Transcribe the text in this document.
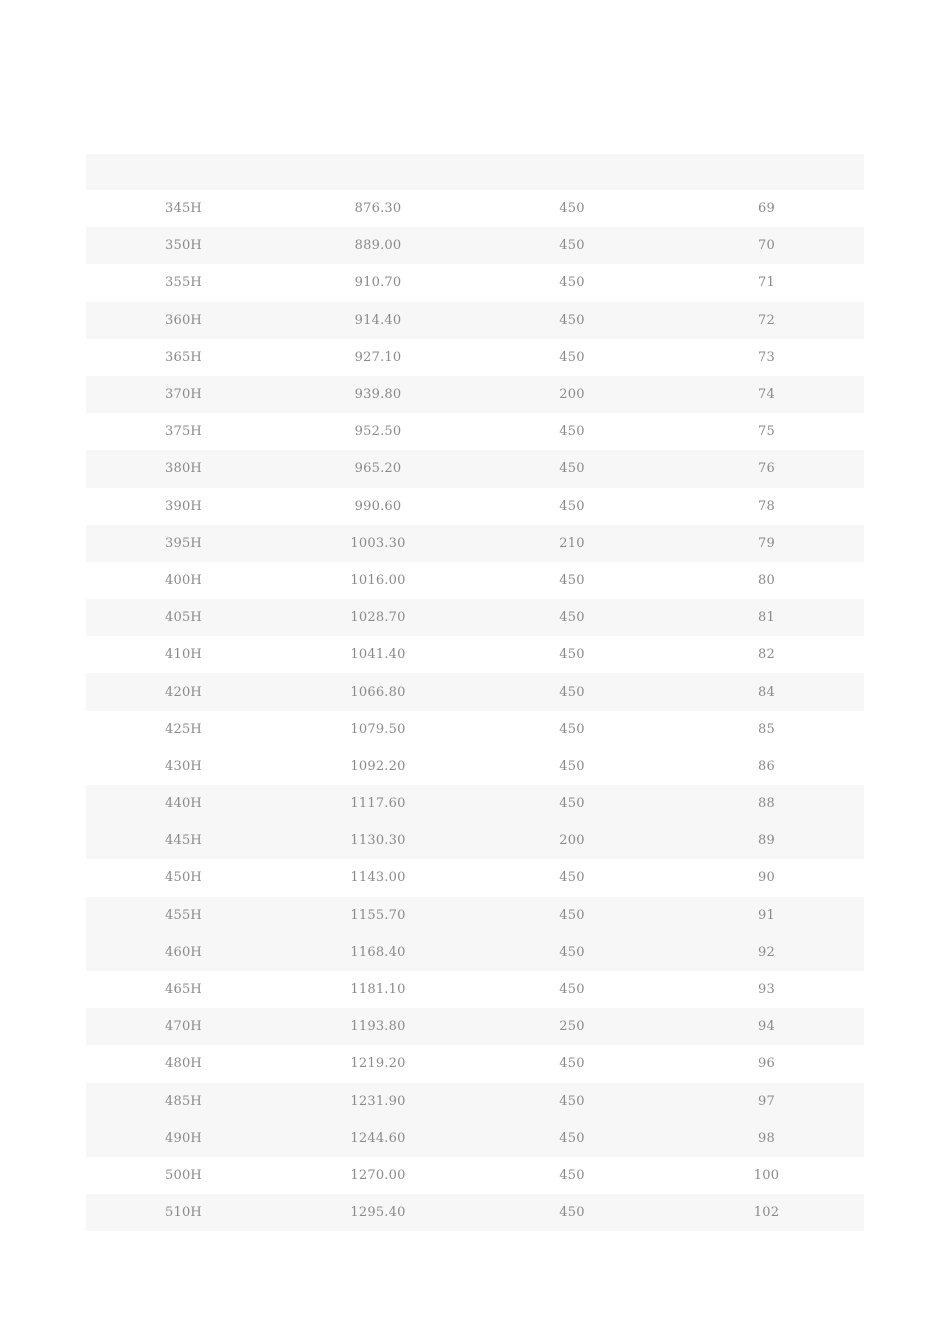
345H	876.30	450	69
350H	889.00	450	70
355H	910.70	450	71
360H	914.40	450	72
365H	927.10	450	73
370H	939.80	200	74
375H	952.50	450	75
380H	965.20	450	76
390H	990.60	450	78
395H	1003.30	210	79
400H	1016.00	450	80
405H	1028.70	450	81
410H	1041.40	450	82
420H	1066.80	450	84
425H	1079.50	450	85
430H	1092.20	450	86
440H	1117.60	450	88
445H	1130.30	200	89
450H	1143.00	450	90
455H	1155.70	450	91
460H	1168.40	450	92
465H	1181.10	450	93
470H	1193.80	250	94
480H	1219.20	450	96
485H	1231.90	450	97
490H	1244.60	450	98
500H	1270.00	450	100
510H	1295.40	450	102
